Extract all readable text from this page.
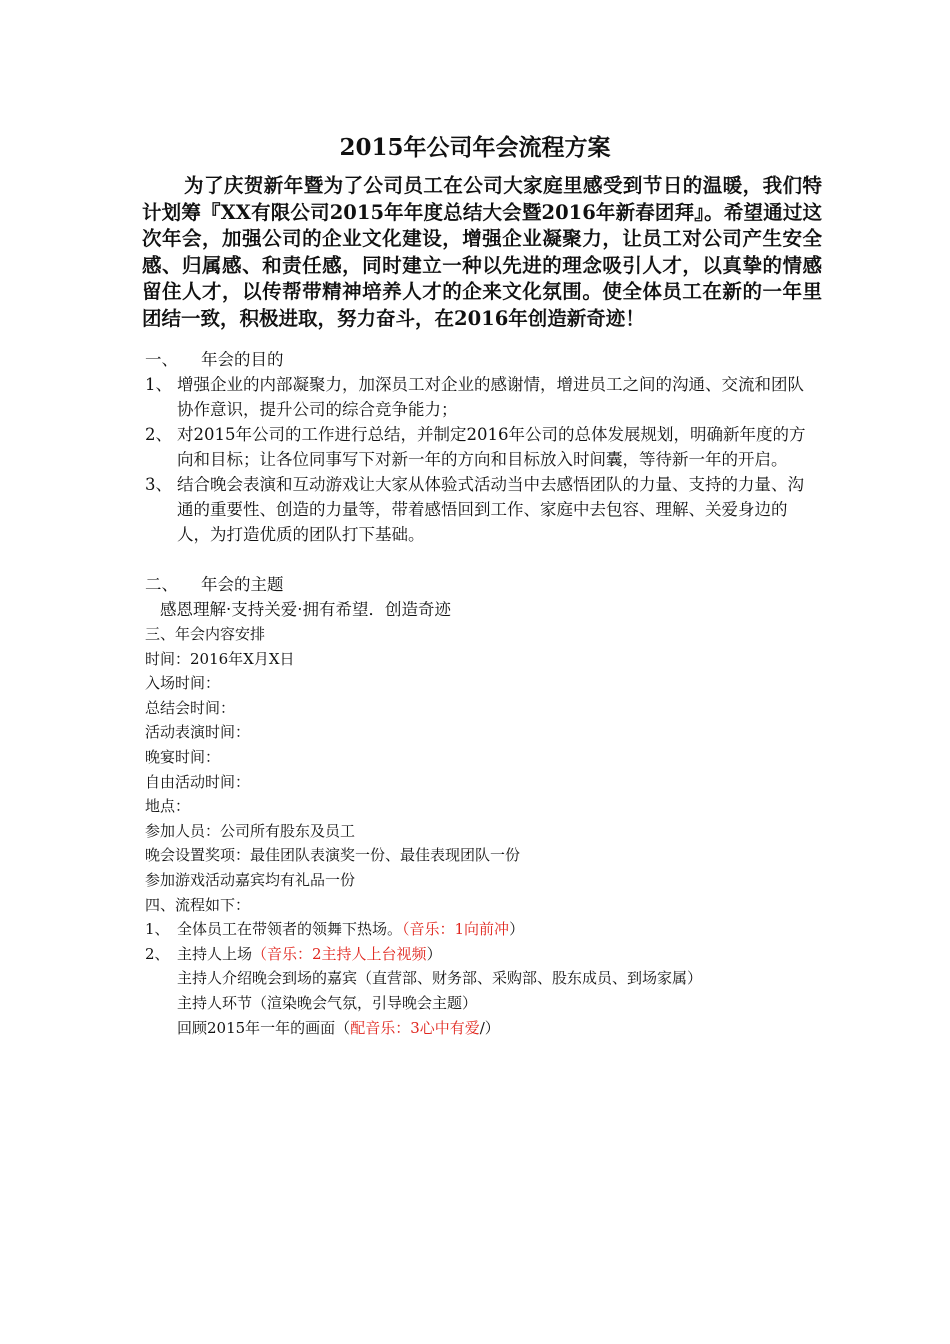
2015年公司年会流程方案
为了庆贺新年暨为了公司员工在公司大家庭里感受到节日的温暖，我们特计划筹『XX有限公司2015年年度总结大会暨2016年新春团拜』。希望通过这次年会，加强公司的企业文化建设，增强企业凝聚力，让员工对公司产生安全感、归属感、和责任感，同时建立一种以先进的理念吸引人才，以真挚的情感留住人才，以传帮带精神培养人才的企来文化氛围。使全体员工在新的一年里团结一致，积极进取，努力奋斗，在2016年创造新奇迹！
一、 年会的目的
1、 增强企业的内部凝聚力，加深员工对企业的感谢情，增进员工之间的沟通、交流和团队协作意识，提升公司的综合竞争能力；
2、 对2015年公司的工作进行总结，并制定2016年公司的总体发展规划，明确新年度的方向和目标；让各位同事写下对新一年的方向和目标放入时间囊，等待新一年的开启。
3、 结合晚会表演和互动游戏让大家从体验式活动当中去感悟团队的力量、支持的力量、沟通的重要性、创造的力量等，带着感悟回到工作、家庭中去包容、理解、关爱身边的人，为打造优质的团队打下基础。
二、 年会的主题
感恩理解·支持关爱·拥有希望．创造奇迹
三、年会内容安排
时间：2016年X月X日
入场时间：
总结会时间：
活动表演时间：
晚宴时间：
自由活动时间：
地点：
参加人员：公司所有股东及员工
晚会设置奖项：最佳团队表演奖一份、最佳表现团队一份
参加游戏活动嘉宾均有礼品一份
四、流程如下：
1、 全体员工在带领者的领舞下热场。（音乐：1向前冲）
2、 主持人上场（音乐：2主持人上台视频）
主持人介绍晚会到场的嘉宾（直营部、财务部、采购部、股东成员、到场家属）
主持人环节（渲染晚会气氛，引导晚会主题）
回顾2015年一年的画面（配音乐：3心中有爱/）
